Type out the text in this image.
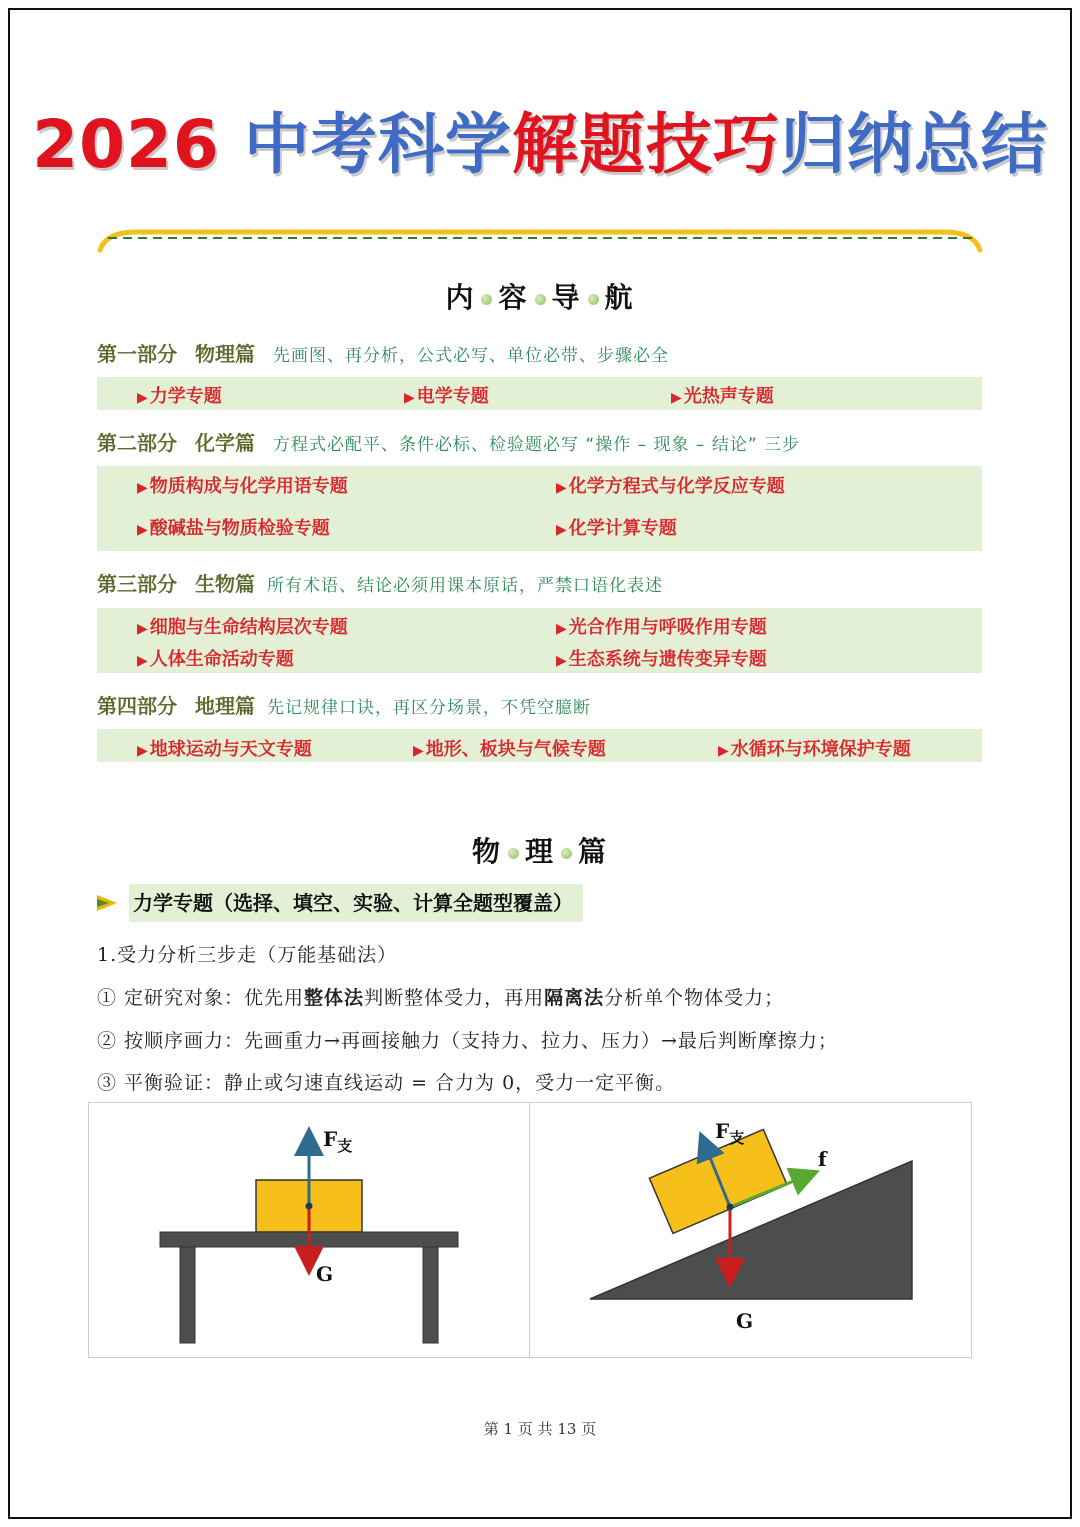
2026 中考科学解题技巧归纳总结
内 容 导 航
第一部分 物理篇 先画图、再分析，公式必写、单位必带、步骤必全
▶ 力学专题	▶ 电学专题	▶ 光热声专题
第二部分 化学篇 方程式必配平、条件必标、检验题必写 “操作 – 现象 – 结论” 三步
▶ 物质构成与化学用语专题	▶ 化学方程式与化学反应专题
▶ 酸碱盐与物质检验专题	▶ 化学计算专题
第三部分 生物篇 所有术语、结论必须用课本原话，严禁口语化表述
▶ 细胞与生命结构层次专题	▶ 光合作用与呼吸作用专题
▶ 人体生命活动专题	▶ 生态系统与遗传变异专题
第四部分 地理篇 先记规律口诀，再区分场景，不凭空臆断
▶ 地球运动与天文专题	▶ 地形、板块与气候专题	▶ 水循环与环境保护专题
物 理 篇
力学专题（选择、填空、实验、计算全题型覆盖）
1.受力分析三步走（万能基础法）
① 定研究对象：优先用整体法判断整体受力，再用隔离法分析单个物体受力；
② 按顺序画力：先画重力→再画接触力（支持力、拉力、压力）→最后判断摩擦力；
③ 平衡验证：静止或匀速直线运动 = 合力为 0，受力一定平衡。
$F_支$
G
$F_支$
f
G
第 1 页 共 13 页
